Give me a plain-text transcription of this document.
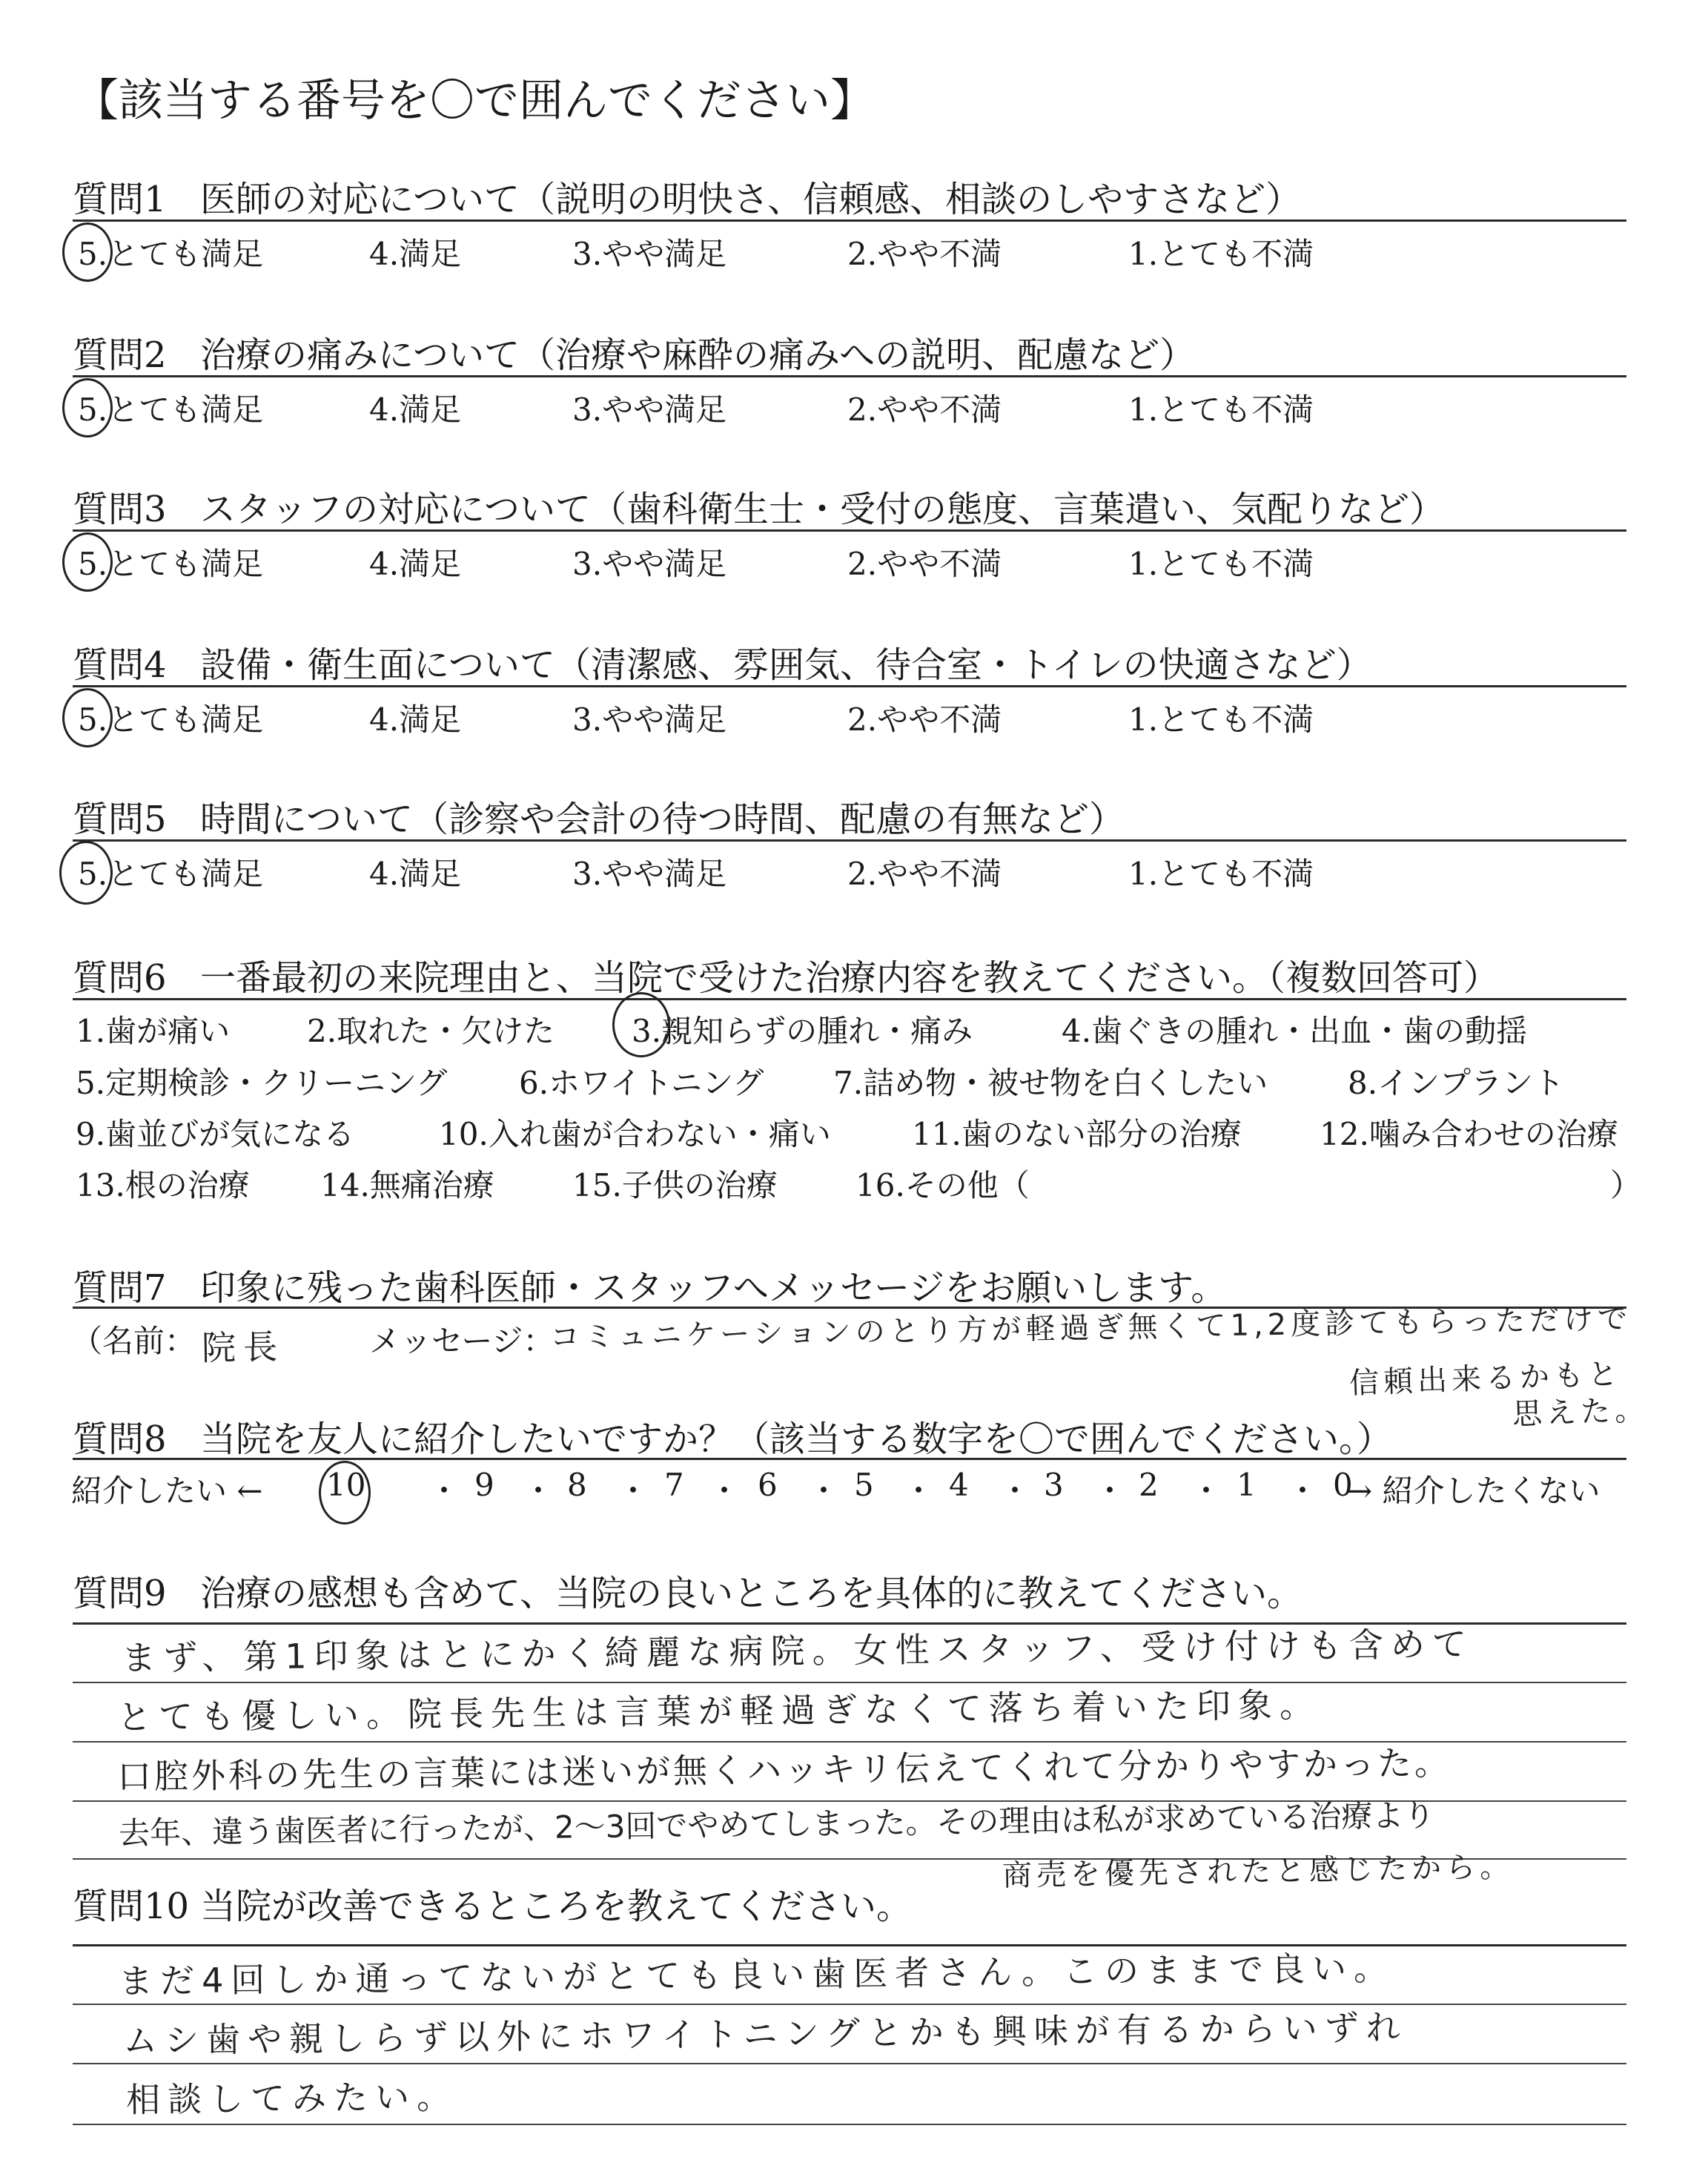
【該当する番号を〇で囲んでください】
質問1 医師の対応について（説明の明快さ、信頼感、相談のしやすさなど）
5.とても満足	4.満足	3.やや満足	2.やや不満	1.とても不満
質問2 治療の痛みについて（治療や麻酔の痛みへの説明、配慮など）
5.とても満足	4.満足	3.やや満足	2.やや不満	1.とても不満
質問3 スタッフの対応について（歯科衛生士・受付の態度、言葉遣い、気配りなど）
5.とても満足	4.満足	3.やや満足	2.やや不満	1.とても不満
質問4 設備・衛生面について（清潔感、雰囲気、待合室・トイレの快適さなど）
5.とても満足	4.満足	3.やや満足	2.やや不満	1.とても不満
質問5 時間について（診察や会計の待つ時間、配慮の有無など）
5.とても満足	4.満足	3.やや満足	2.やや不満	1.とても不満
質問6 一番最初の来院理由と、当院で受けた治療内容を教えてください。（複数回答可）
1.歯が痛い 2.取れた・欠けた 3.親知らずの腫れ・痛み	4.歯ぐきの腫れ・出血・歯の動揺
5.定期検診・クリーニング 6.ホワイトニング 7.詰め物・被せ物を白くしたい	8.インプラント
9.歯並びが気になる	10.入れ歯が合わない・痛い	11.歯のない部分の治療	12.噛み合わせの治療
13.根の治療 14.無痛治療	15.子供の治療	16.その他（	）
質問7 印象に残った歯科医師・スタッフへメッセージをお願いします。
（名前： 院長	メッセージ：
コミュニケーションのとり方が軽過ぎ無くて1,2度診てもらっただけで
信頼出来るかもと
思えた。
質問8 当院を友人に紹介したいですか？（該当する数字を〇で囲んでください。）
紹介したい ← 10 ・ 9 ・ 8 ・ 7 ・ 6 ・ 5 ・ 4 ・ 3 ・ 2 ・ 1 ・ 0
→ 紹介したくない
質問9 治療の感想も含めて、当院の良いところを具体的に教えてください。
まず、第1印象はとにかく綺麗な病院。女性スタッフ、受け付けも含めて
とても優しい。院長先生は言葉が軽過ぎなくて落ち着いた印象。
口腔外科の先生の言葉には迷いが無くハッキリ伝えてくれて分かりやすかった。
去年、違う歯医者に行ったが、2～3回でやめてしまった。その理由は私が求めている治療より
商売を優先されたと感じたから。
質問10 当院が改善できるところを教えてください。
まだ4回しか通ってないがとても良い歯医者さん。このままで良い。
ムシ歯や親しらず以外にホワイトニングとかも興味が有るからいずれ
相談してみたい。
